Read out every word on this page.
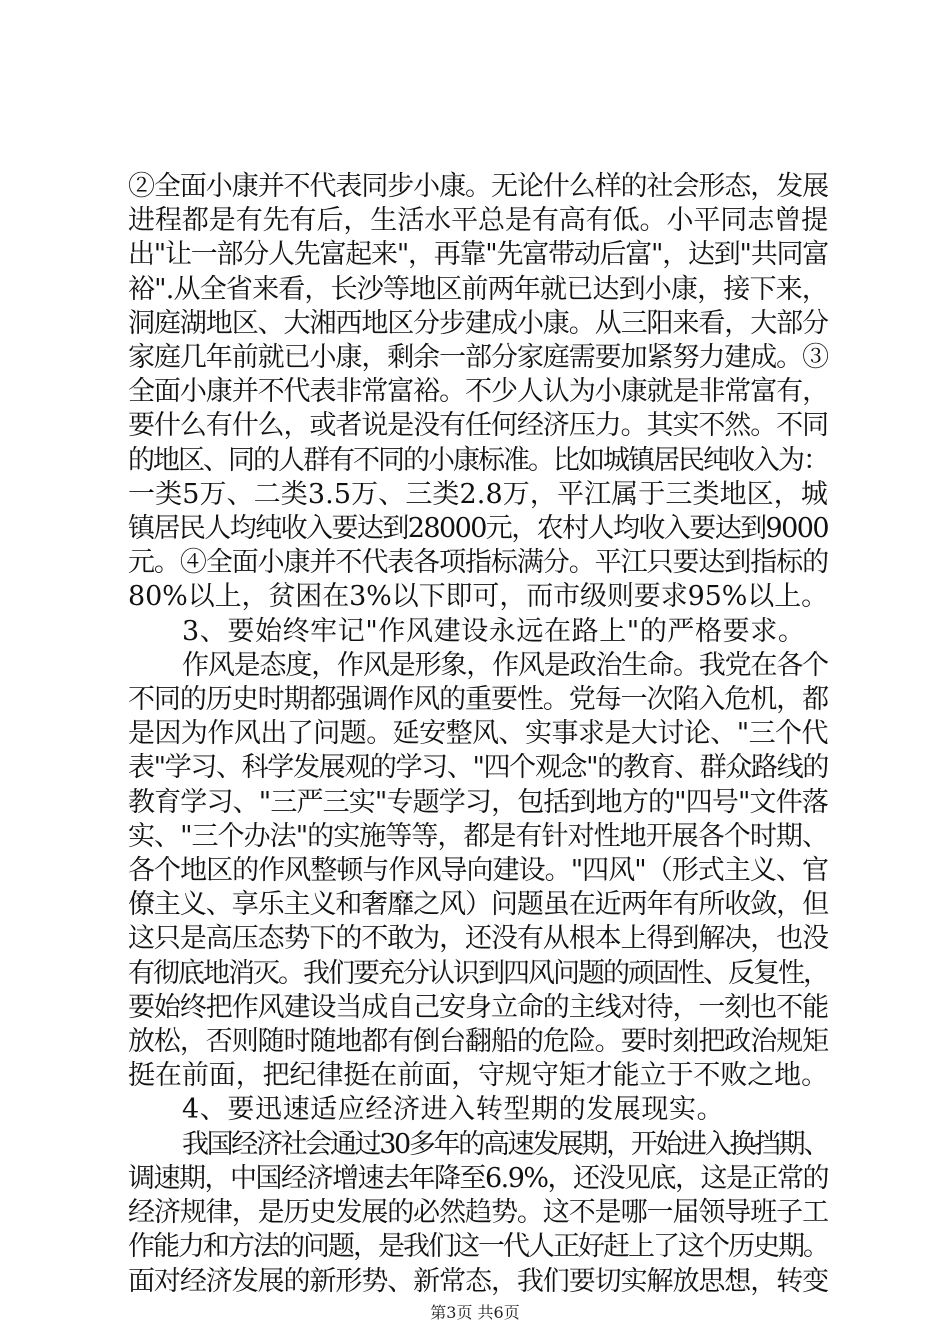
②全面小康并不代表同步小康。无论什么样的社会形态，发展
进程都是有先有后，生活水平总是有高有低。小平同志曾提
出"让一部分人先富起来"，再靠"先富带动后富"，达到"共同富
裕".从全省来看，长沙等地区前两年就已达到小康，接下来，
洞庭湖地区、大湘西地区分步建成小康。从三阳来看，大部分
家庭几年前就已小康，剩余一部分家庭需要加紧努力建成。③
全面小康并不代表非常富裕。不少人认为小康就是非常富有，
要什么有什么，或者说是没有任何经济压力。其实不然。不同
的地区、同的人群有不同的小康标准。比如城镇居民纯收入为：
一类5万、二类3.5万、三类2.8万，平江属于三类地区，城
镇居民人均纯收入要达到28000元，农村人均收入要达到9000
元。④全面小康并不代表各项指标满分。平江只要达到指标的
80%以上，贫困在3%以下即可，而市级则要求95%以上。
3、要始终牢记"作风建设永远在路上"的严格要求。
作风是态度，作风是形象，作风是政治生命。我党在各个
不同的历史时期都强调作风的重要性。党每一次陷入危机，都
是因为作风出了问题。延安整风、实事求是大讨论、"三个代
表"学习、科学发展观的学习、"四个观念"的教育、群众路线的
教育学习、"三严三实"专题学习，包括到地方的"四号"文件落
实、"三个办法"的实施等等，都是有针对性地开展各个时期、
各个地区的作风整顿与作风导向建设。"四风"（形式主义、官
僚主义、享乐主义和奢靡之风）问题虽在近两年有所收敛，但
这只是高压态势下的不敢为，还没有从根本上得到解决，也没
有彻底地消灭。我们要充分认识到四风问题的顽固性、反复性，
要始终把作风建设当成自己安身立命的主线对待，一刻也不能
放松，否则随时随地都有倒台翻船的危险。要时刻把政治规矩
挺在前面，把纪律挺在前面，守规守矩才能立于不败之地。
4、要迅速适应经济进入转型期的发展现实。
我国经济社会通过30多年的高速发展期，开始进入换挡期、
调速期，中国经济增速去年降至6.9%，还没见底，这是正常的
经济规律，是历史发展的必然趋势。这不是哪一届领导班子工
作能力和方法的问题，是我们这一代人正好赶上了这个历史期。
面对经济发展的新形势、新常态，我们要切实解放思想，转变
第3页 共6页
